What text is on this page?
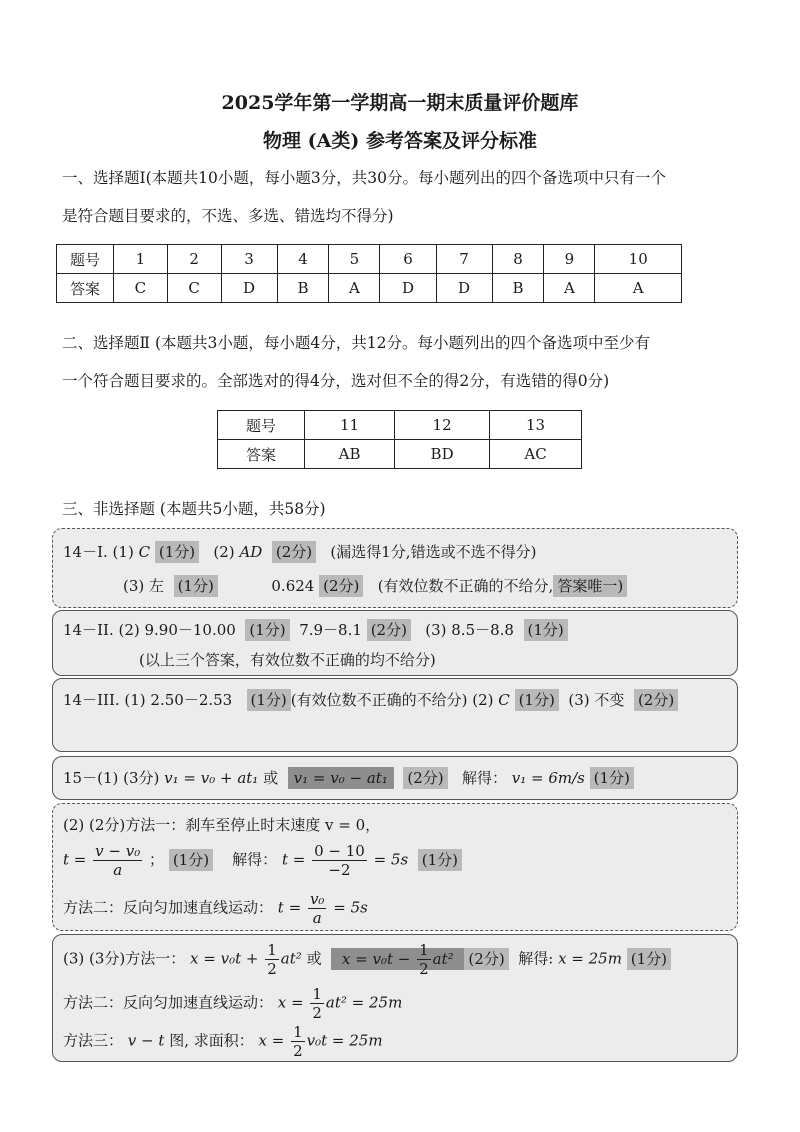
2025学年第一学期高一期末质量评价题库
物理 (A类) 参考答案及评分标准
一、选择题Ⅰ(本题共10小题，每小题3分，共30分。每小题列出的四个备选项中只有一个
是符合题目要求的，不选、多选、错选均不得分)
题号	1	2	3	4	5	6	7	8	9	10
答案	C	C	D	B	A	D	D	B	A	A
二、选择题Ⅱ (本题共3小题，每小题4分，共12分。每小题列出的四个备选项中至少有
一个符合题目要求的。全部选对的得4分，选对但不全的得2分，有选错的得0分)
题号	11	12	13
答案	AB	BD	AC
三、非选择题 (本题共5小题，共58分)
14－I. (1) C (1分) (2) AD (2分) (漏选得1分,错选或不选不得分)
(3) 左 (1分)	0.624 (2分) (有效位数不正确的不给分, 答案唯一)
14－II. (2) 9.90－10.00 (1分) 7.9－8.1 (2分) (3) 8.5－8.8 (1分)
(以上三个答案，有效位数不正确的均不给分)
14－III. (1) 2.50－2.53 (1分) (有效位数不正确的不给分) (2) C (1分) (3) 不变 (2分)
15－(1) (3分) v₁ = v₀ + at₁ 或 v₁ = v₀ − at₁ (2分) 解得： v₁ = 6m/s (1分)
(2) (2分)方法一：刹车至停止时末速度 v = 0，
$t = \frac{\text{v − v₀}}{a}$ ； (1分) 解得： $t = \frac{0 - 10}{-2} = 5s$ (1分)
方法二：反向匀加速直线运动： $t = \frac{\text{v₀}}{a} = 5s$
(3) (3分)方法一： $x = v_0t + \frac{1}{2} at^2$ 或 $x = v_0t - \frac{1}{2} at^2$ (2分) 解得: x = 25m (1分)
方法二：反向匀加速直线运动： $x = \frac{1}{2} at^2 = 25m$
方法三： v − t 图, 求面积： $x = \frac{1}{2} v_0t = 25m$
